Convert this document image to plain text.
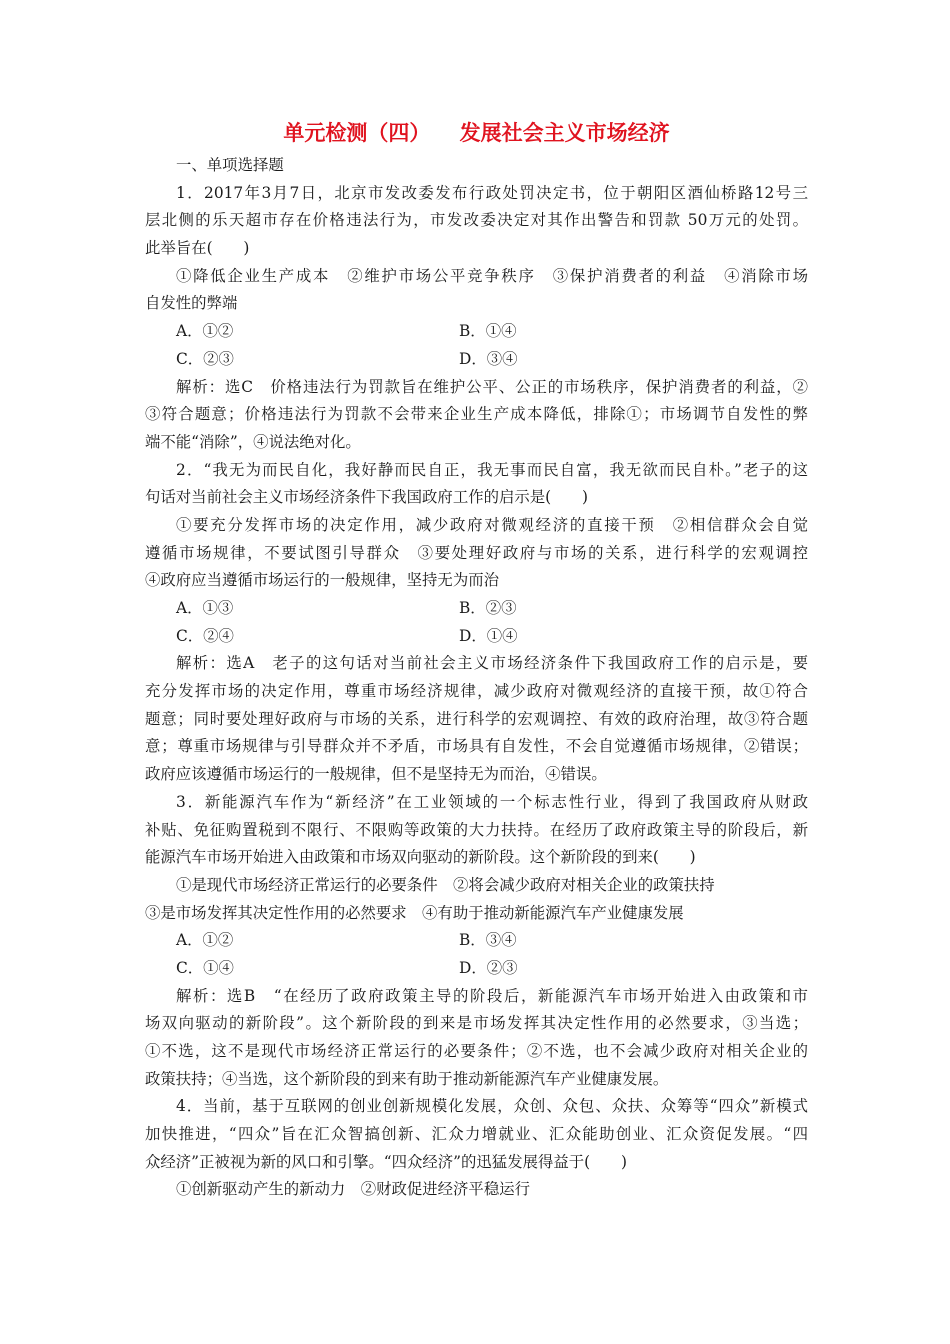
单元检测（四）    发展社会主义市场经济
一、单项选择题
1．2017年3月7日，北京市发改委发布行政处罚决定书，位于朝阳区酒仙桥路12号三
层北侧的乐天超市存在价格违法行为，市发改委决定对其作出警告和罚款 50万元的处罚。
此举旨在(　　)
①降低企业生产成本　②维护市场公平竞争秩序　③保护消费者的利益　④消除市场
自发性的弊端
A．①②	B．①④
C．②③	D．③④
解析：选C　价格违法行为罚款旨在维护公平、公正的市场秩序，保护消费者的利益，②
③符合题意；价格违法行为罚款不会带来企业生产成本降低，排除①；市场调节自发性的弊
端不能“消除”，④说法绝对化。
2．“我无为而民自化，我好静而民自正，我无事而民自富，我无欲而民自朴。”老子的这
句话对当前社会主义市场经济条件下我国政府工作的启示是(　　)
①要充分发挥市场的决定作用，减少政府对微观经济的直接干预　②相信群众会自觉
遵循市场规律，不要试图引导群众　③要处理好政府与市场的关系，进行科学的宏观调控
④政府应当遵循市场运行的一般规律，坚持无为而治
A．①③	B．②③
C．②④	D．①④
解析：选A　老子的这句话对当前社会主义市场经济条件下我国政府工作的启示是，要
充分发挥市场的决定作用，尊重市场经济规律，减少政府对微观经济的直接干预，故①符合
题意；同时要处理好政府与市场的关系，进行科学的宏观调控、有效的政府治理，故③符合题
意；尊重市场规律与引导群众并不矛盾，市场具有自发性，不会自觉遵循市场规律，②错误；
政府应该遵循市场运行的一般规律，但不是坚持无为而治，④错误。
3．新能源汽车作为“新经济”在工业领域的一个标志性行业，得到了我国政府从财政
补贴、免征购置税到不限行、不限购等政策的大力扶持。在经历了政府政策主导的阶段后，新
能源汽车市场开始进入由政策和市场双向驱动的新阶段。这个新阶段的到来(　　)
①是现代市场经济正常运行的必要条件　②将会减少政府对相关企业的政策扶持
③是市场发挥其决定性作用的必然要求　④有助于推动新能源汽车产业健康发展
A．①②	B．③④
C．①④	D．②③
解析：选B　“在经历了政府政策主导的阶段后，新能源汽车市场开始进入由政策和市
场双向驱动的新阶段”。这个新阶段的到来是市场发挥其决定性作用的必然要求，③当选；
①不选，这不是现代市场经济正常运行的必要条件；②不选，也不会减少政府对相关企业的
政策扶持；④当选，这个新阶段的到来有助于推动新能源汽车产业健康发展。
4．当前，基于互联网的创业创新规模化发展，众创、众包、众扶、众筹等“四众”新模式
加快推进，“四众”旨在汇众智搞创新、汇众力增就业、汇众能助创业、汇众资促发展。“四
众经济”正被视为新的风口和引擎。“四众经济”的迅猛发展得益于(　　)
①创新驱动产生的新动力　②财政促进经济平稳运行
